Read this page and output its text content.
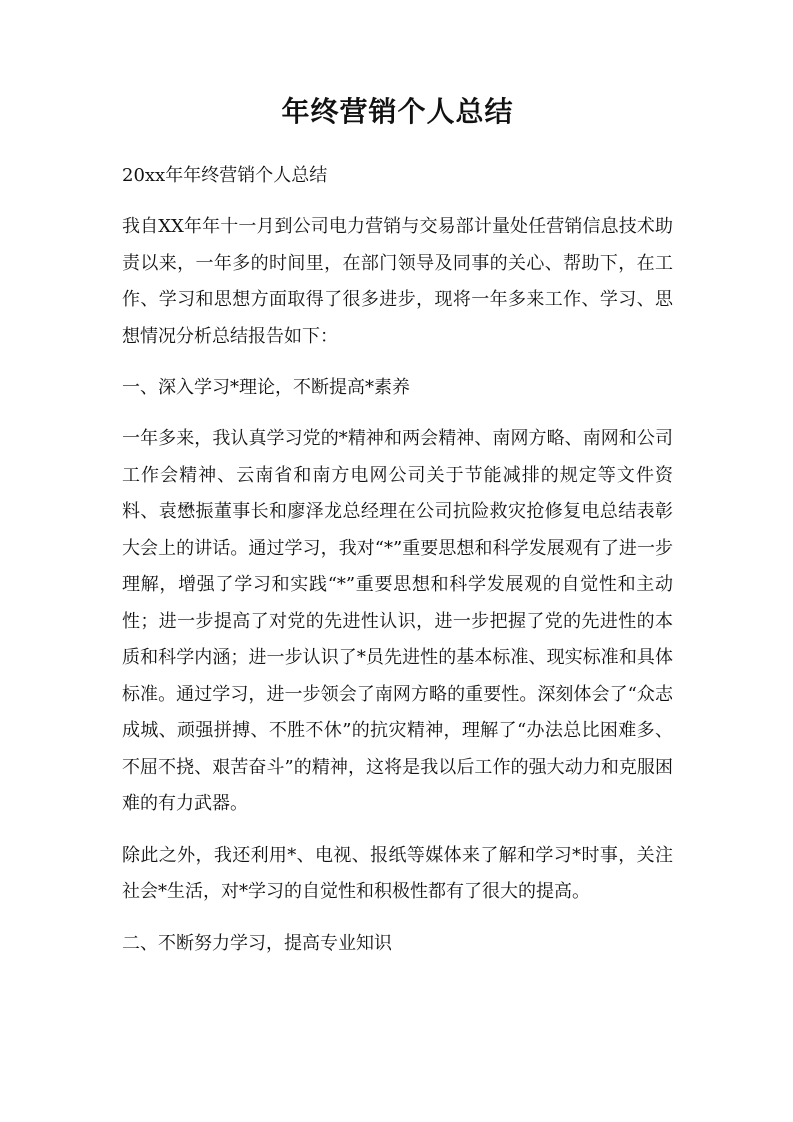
年终营销个人总结

20xx年年终营销个人总结

我自XX年年十一月到公司电力营销与交易部计量处任营销信息技术助责以来，一年多的时间里，在部门领导及同事的关心、帮助下，在工作、学习和思想方面取得了很多进步，现将一年多来工作、学习、思想情况分析总结报告如下：

一、深入学习*理论，不断提高*素养

一年多来，我认真学习党的*精神和两会精神、南网方略、南网和公司工作会精神、云南省和南方电网公司关于节能减排的规定等文件资料、袁懋振董事长和廖泽龙总经理在公司抗险救灾抢修复电总结表彰大会上的讲话。通过学习，我对“*”重要思想和科学发展观有了进一步理解，增强了学习和实践“*”重要思想和科学发展观的自觉性和主动性；进一步提高了对党的先进性认识，进一步把握了党的先进性的本质和科学内涵；进一步认识了*员先进性的基本标准、现实标准和具体标准。通过学习，进一步领会了南网方略的重要性。深刻体会了“众志成城、顽强拼搏、不胜不休”的抗灾精神，理解了“办法总比困难多、不屈不挠、艰苦奋斗”的精神，这将是我以后工作的强大动力和克服困难的有力武器。

除此之外，我还利用*、电视、报纸等媒体来了解和学习*时事，关注社会*生活，对*学习的自觉性和积极性都有了很大的提高。

二、不断努力学习，提高专业知识
